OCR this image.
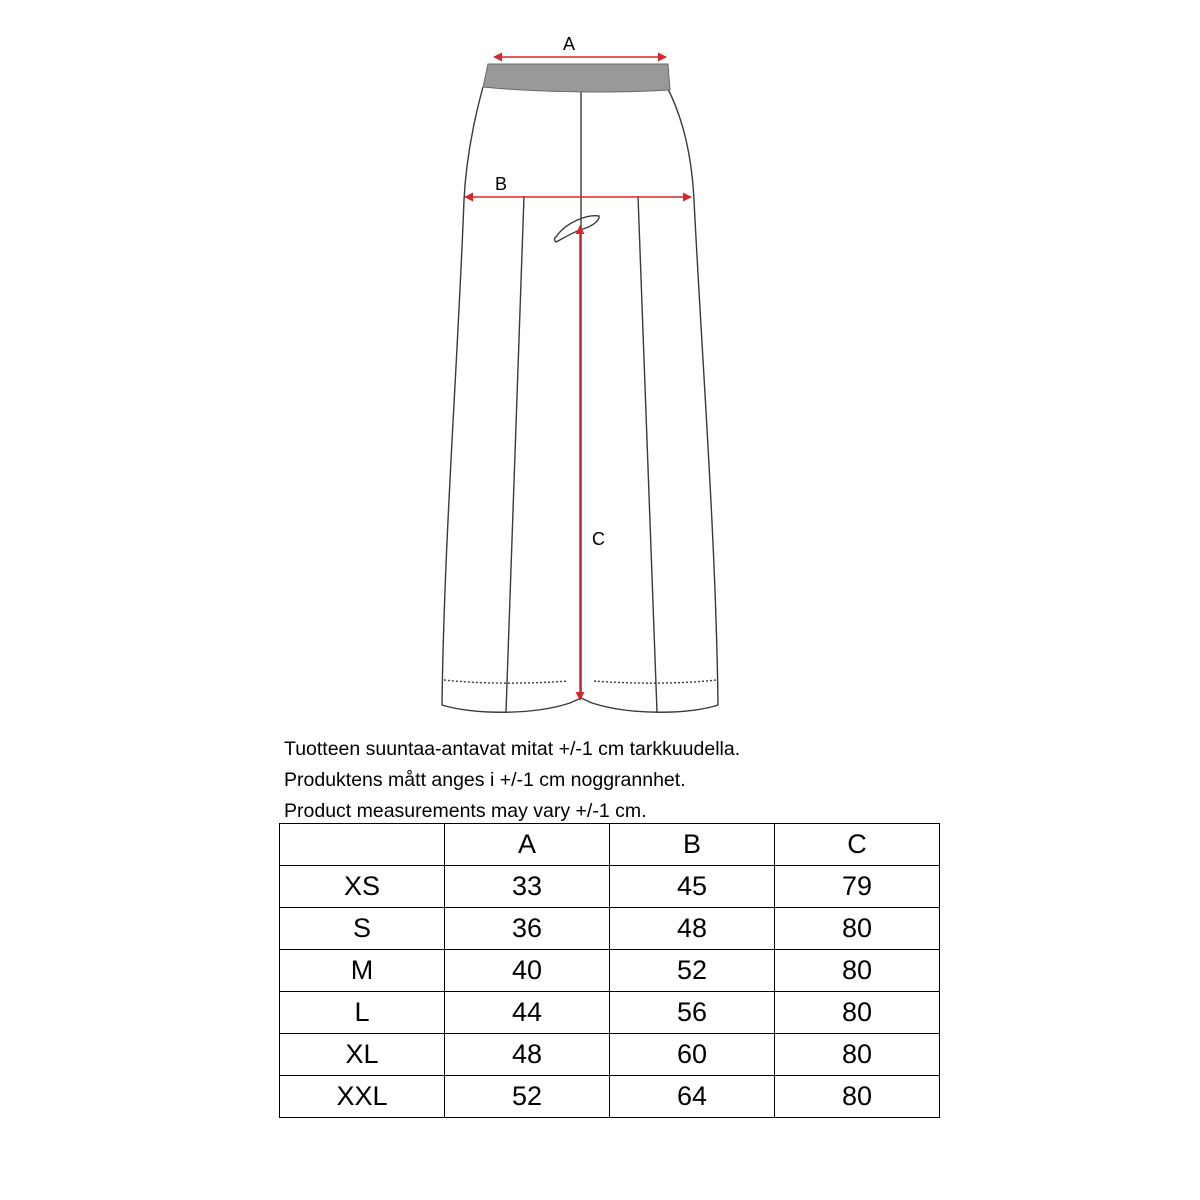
A
B
C
Tuotteen suuntaa-antavat mitat +/-1 cm tarkkuudella.
Produktens mått anges i +/-1 cm noggrannhet.
Product measurements may vary +/-1 cm.
	A	B	C
XS	33	45	79
S	36	48	80
M	40	52	80
L	44	56	80
XL	48	60	80
XXL	52	64	80
